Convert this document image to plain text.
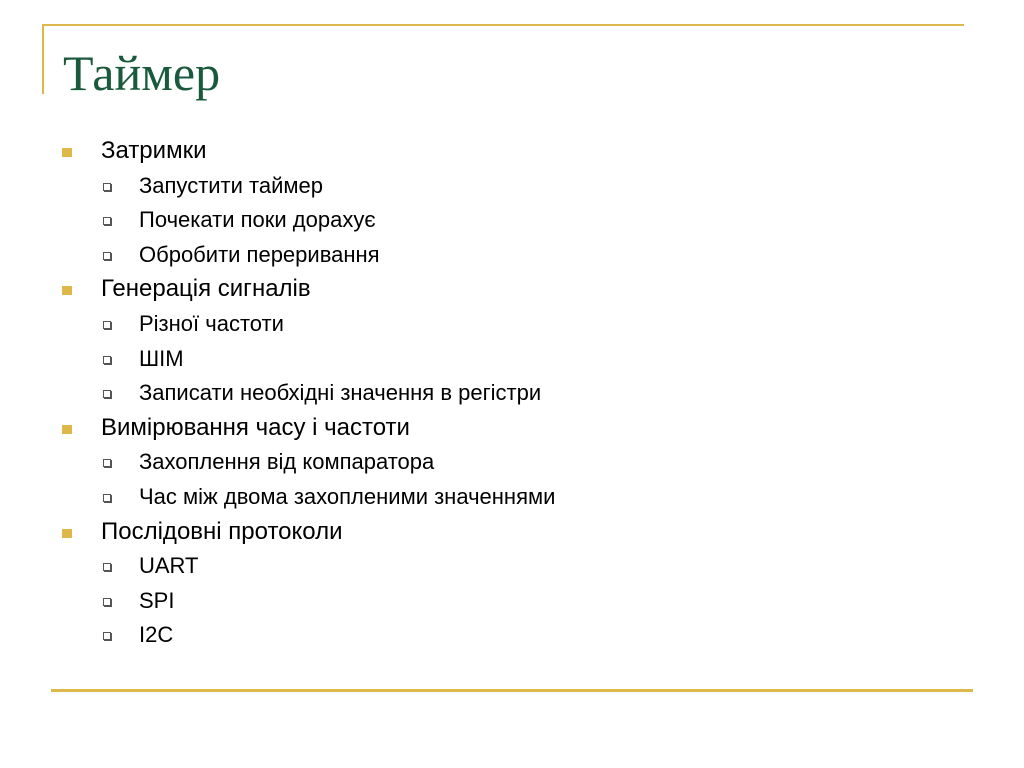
Таймер
Затримки
Запустити таймер
Почекати поки дорахує
Обробити переривання
Генерація сигналів
Різної частоти
ШІМ
Записати необхідні значення в регістри
Вимірювання часу і частоти
Захоплення від компаратора
Час між двома захопленими значеннями
Послідовні протоколи
UART
SPI
I2C
